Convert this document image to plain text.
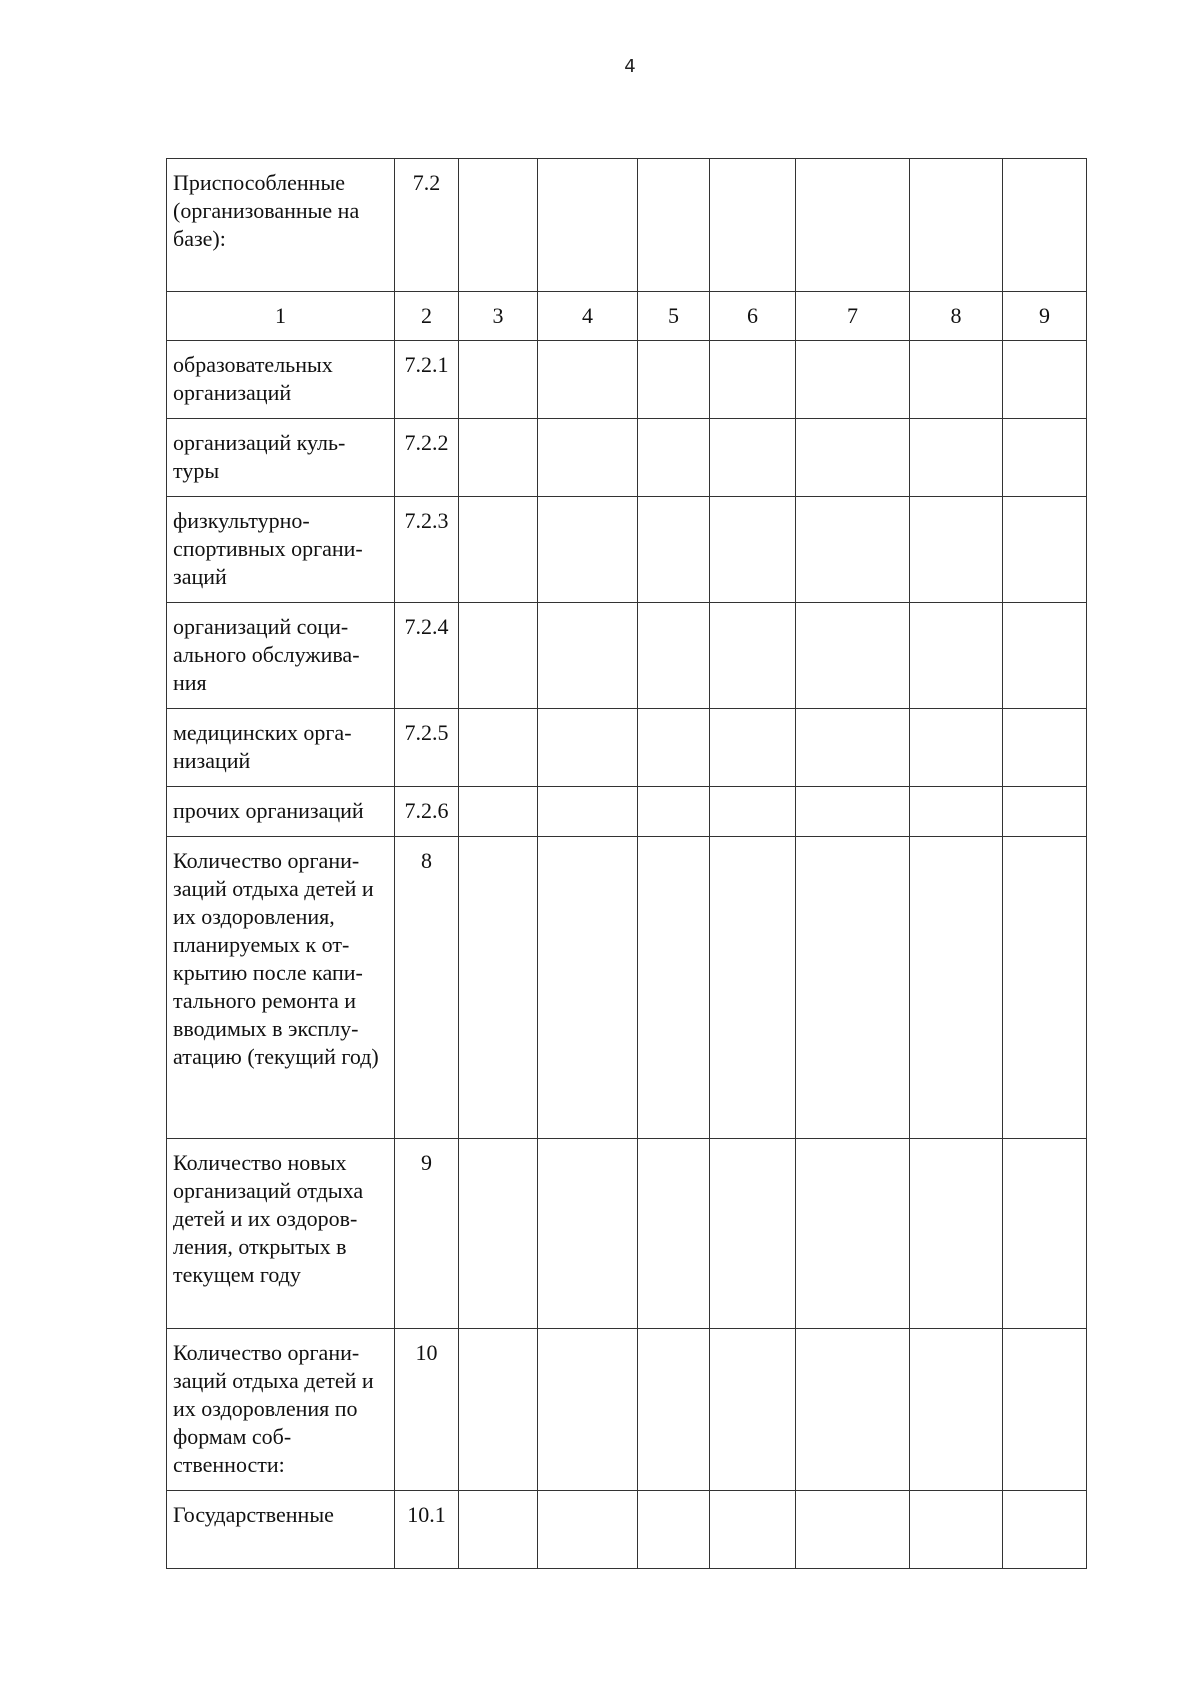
4
Приспособленные (организованные на базе):	7.2							
1	2	3	4	5	6	7	8	9
образовательных организаций	7.2.1							
организаций куль-туры	7.2.2							
физкультурно-спортивных органи-заций	7.2.3							
организаций соци-ального обслужива-ния	7.2.4							
медицинских орга-низаций	7.2.5							
прочих организаций	7.2.6							
Количество органи-заций отдыха детей и их оздоровления, планируемых к от-крытию после капи-тального ремонта и вводимых в эксплу-атацию (текущий год)	8							
Количество новых организаций отдыха детей и их оздоров-ления, открытых в текущем году	9							
Количество органи-заций отдыха детей и их оздоровления по формам соб-ственности:	10							
Государственные	10.1							
